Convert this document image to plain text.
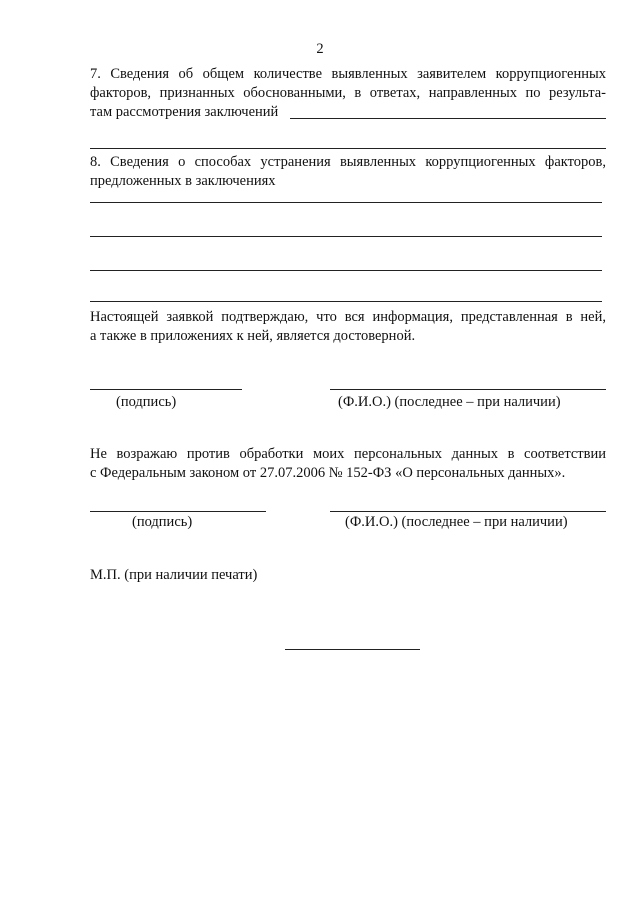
2
7. Сведения об общем количестве выявленных заявителем коррупциогенных
факторов, признанных обоснованными, в ответах, направленных по результа-
там рассмотрения заключений
8. Сведения о способах устранения выявленных коррупциогенных факторов,
предложенных в заключениях
Настоящей заявкой подтверждаю, что вся информация, представленная в ней,
а также в приложениях к ней, является достоверной.
(подпись)	(Ф.И.О.) (последнее – при наличии)
Не возражаю против обработки моих персональных данных в соответствии
с Федеральным законом от 27.07.2006 № 152-ФЗ «О персональных данных».
(подпись)	(Ф.И.О.) (последнее – при наличии)
М.П. (при наличии печати)
